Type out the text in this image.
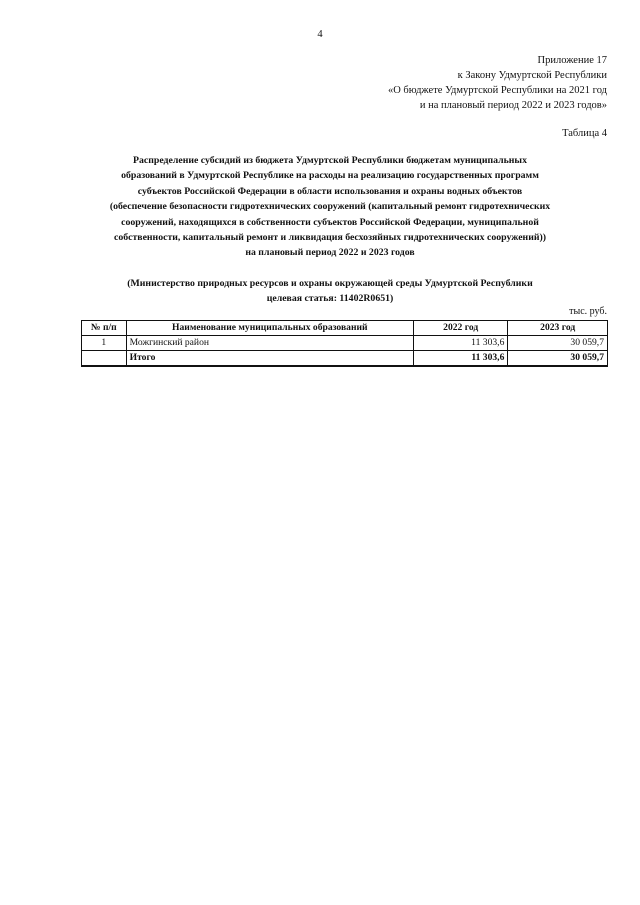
4
Приложение 17
к Закону Удмуртской Республики
«О бюджете Удмуртской Республики на 2021 год
и на плановый период 2022 и 2023 годов»
Таблица 4
Распределение субсидий из бюджета Удмуртской Республики бюджетам муниципальных
образований в Удмуртской Республике на расходы на реализацию государственных программ
субъектов Российской Федерации в области использования и охраны водных объектов
(обеспечение безопасности гидротехнических сооружений (капитальный ремонт гидротехнических
сооружений, находящихся в собственности субъектов Российской Федерации, муниципальной
собственности, капитальный ремонт и ликвидация бесхозяйных гидротехнических сооружений))
на плановый период 2022 и 2023 годов
(Министерство природных ресурсов и охраны окружающей среды Удмуртской Республики
целевая статья: 11402R0651)
тыс. руб.
№ п/п	Наименование муниципальных образований	2022 год	2023 год
1	Можгинский район	11 303,6	30 059,7
	Итого	11 303,6	30 059,7
